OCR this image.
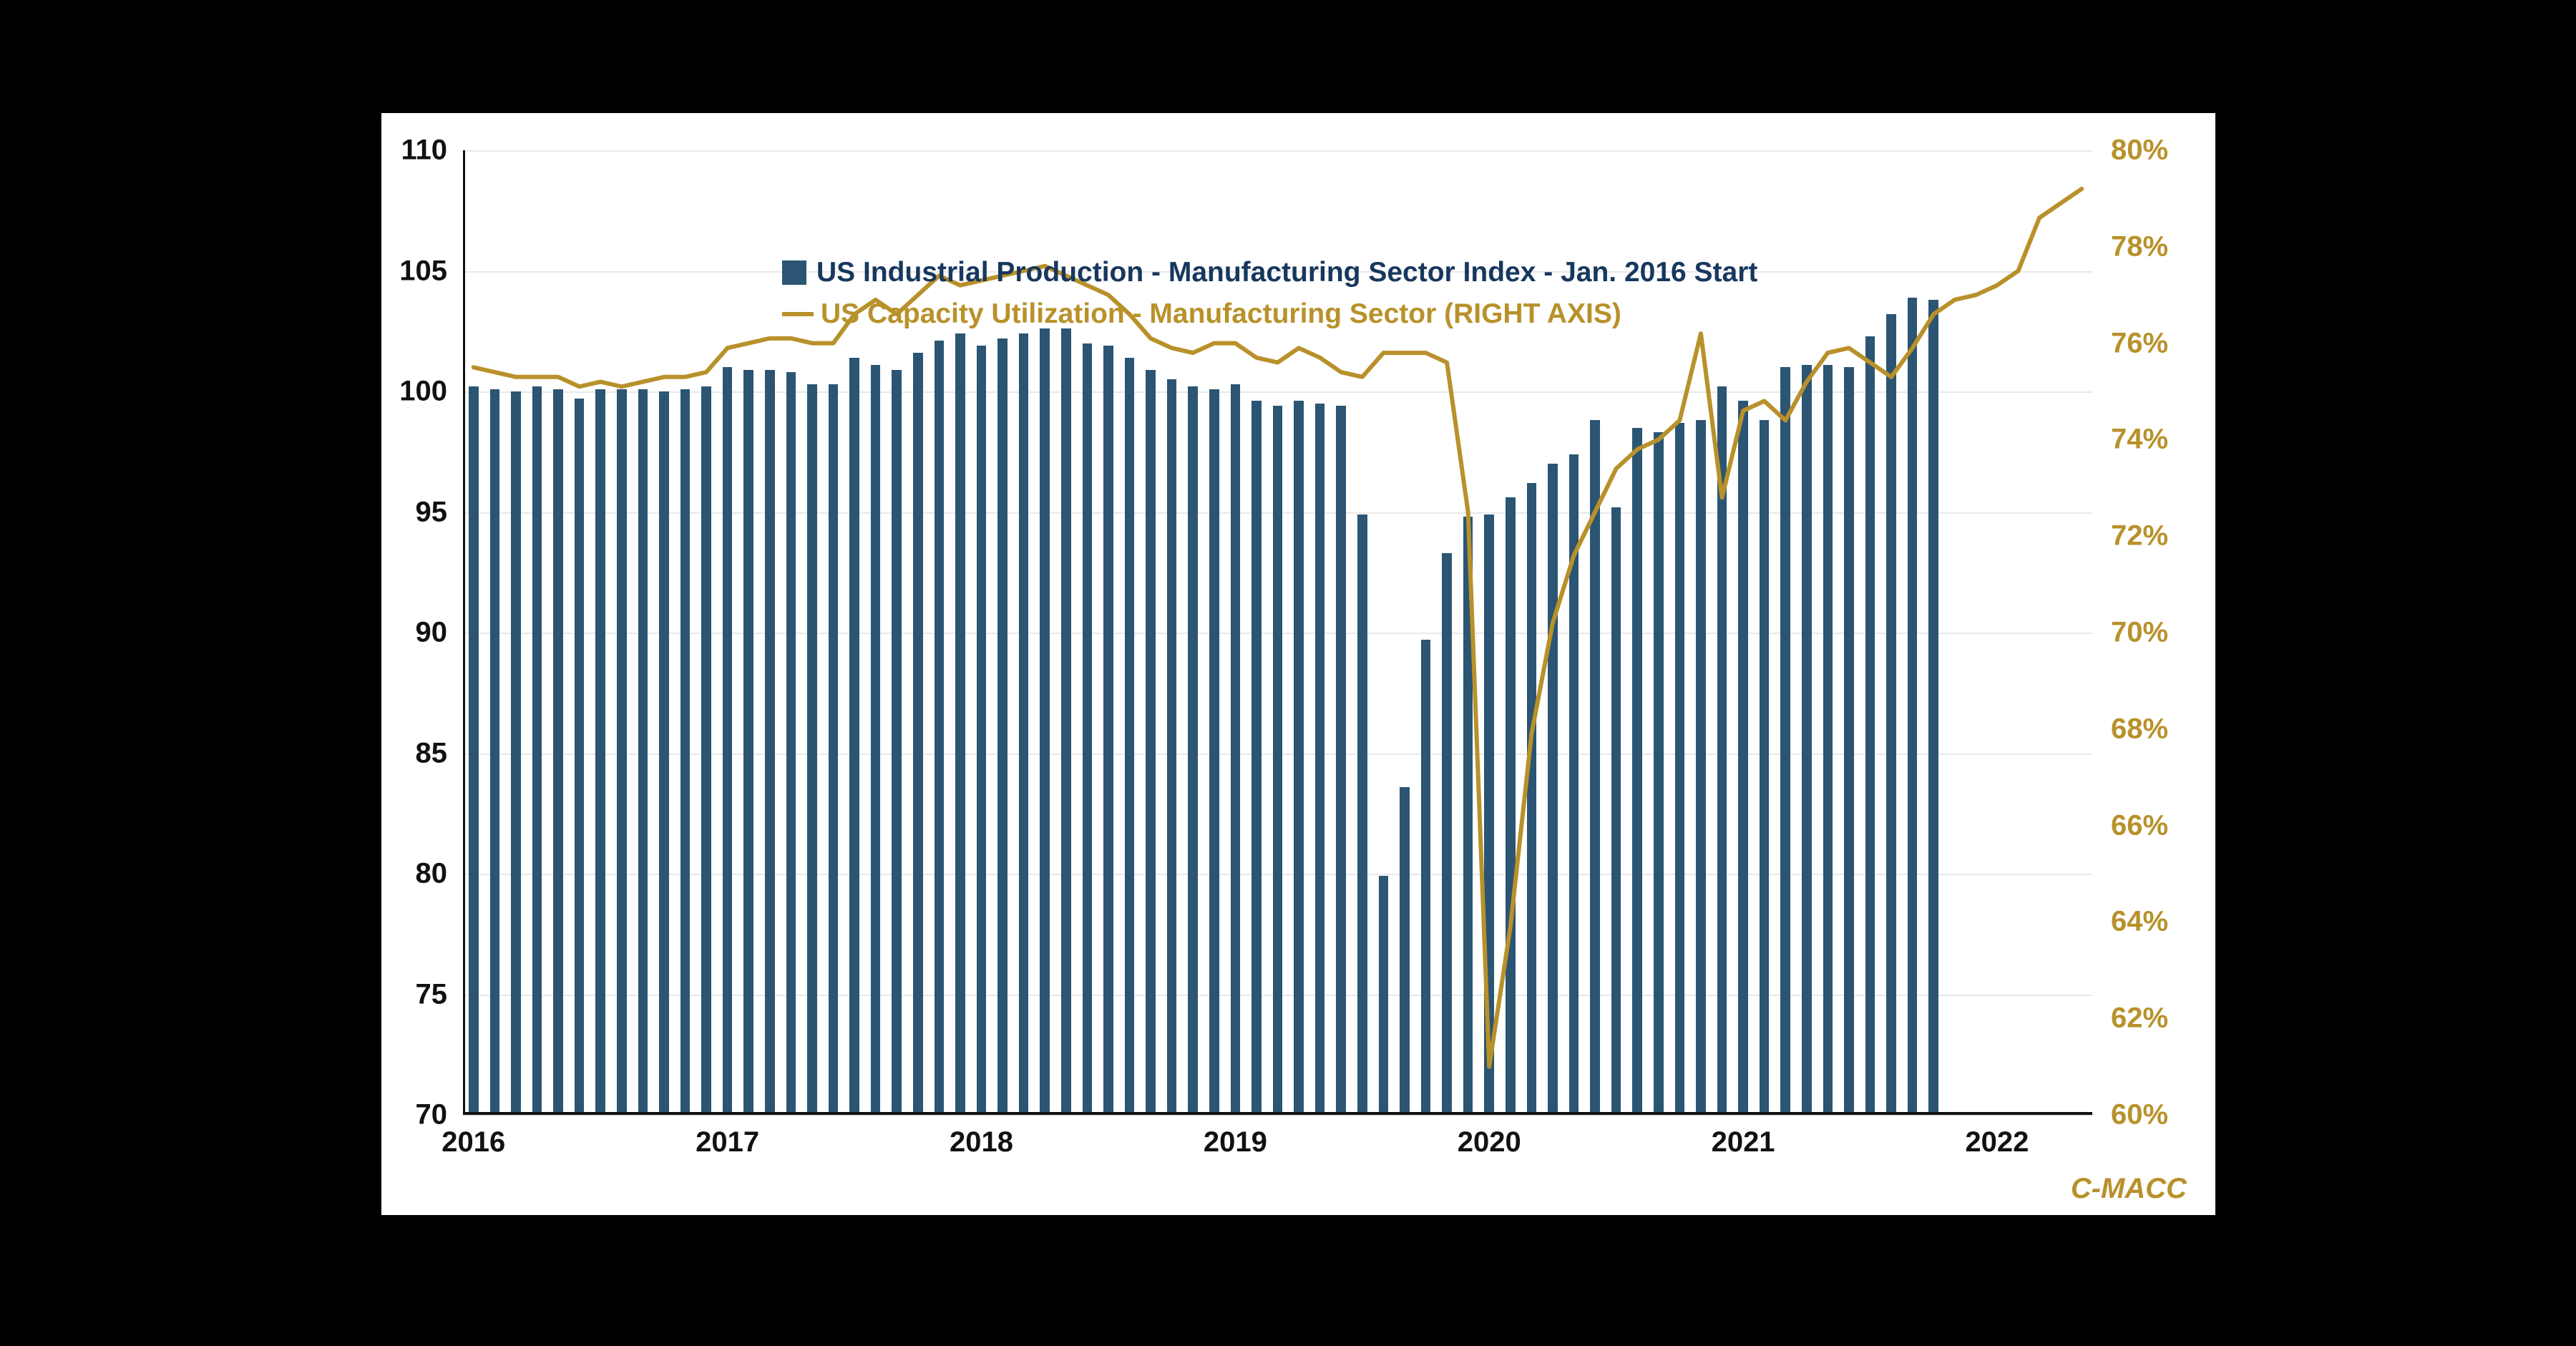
70
75
80
85
90
95
100
105
110
60%
62%
64%
66%
68%
70%
72%
74%
76%
78%
80%
2016	2017	2018	2019	2020	2021	2022
US Industrial Production - Manufacturing Sector Index - Jan. 2016 Start
US Capacity Utilization - Manufacturing Sector (RIGHT AXIS)
C-MACC
